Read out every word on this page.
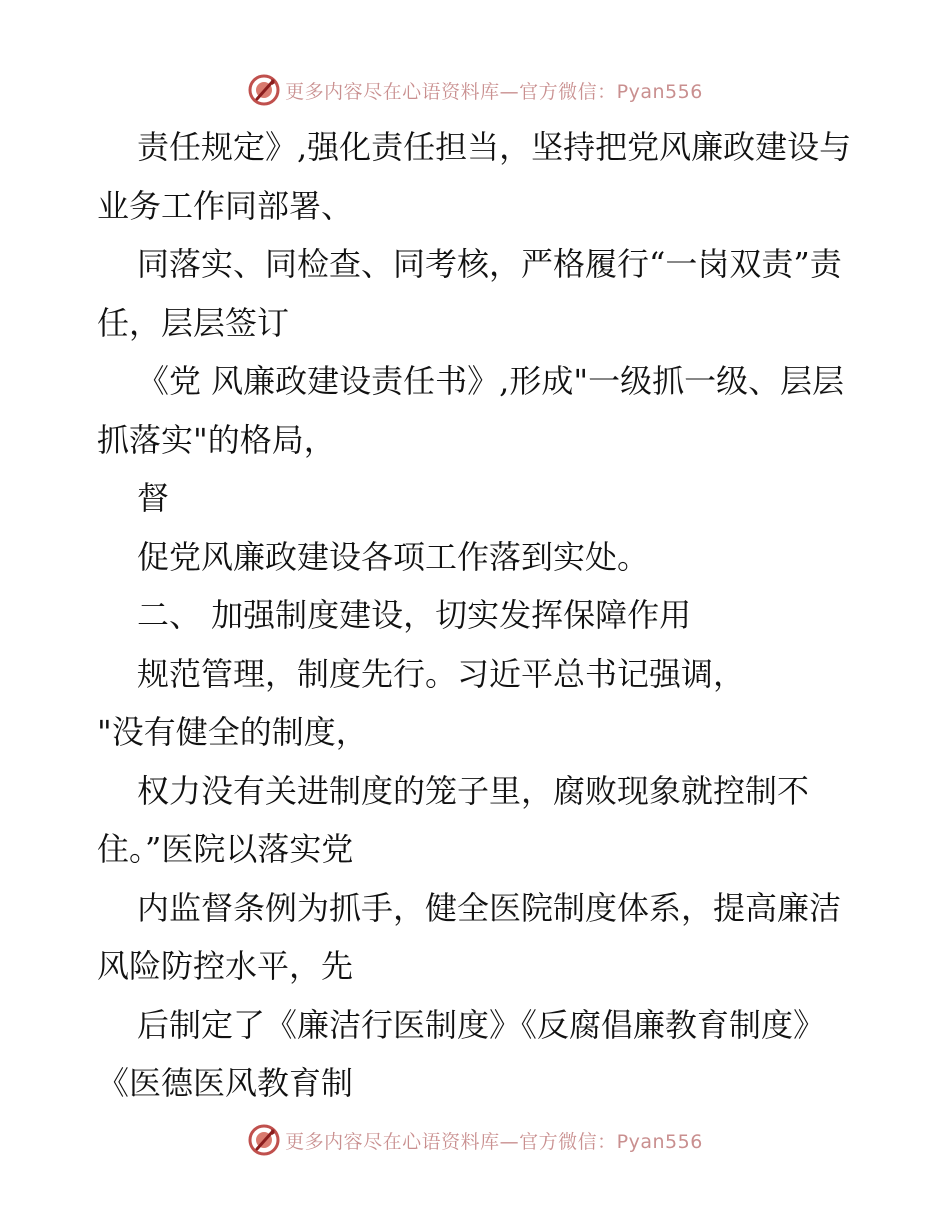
更多内容尽在心语资料库—官方微信：Pyan556

责任规定》,强化责任担当，坚持把党风廉政建设与业务工作同部署、

同落实、同检查、同考核，严格履行“一岗双责”责任，层层签订

《党 风廉政建设责任书》,形成"一级抓一级、层层抓落实"的格局，

督

促党风廉政建设各项工作落到实处。

二、 加强制度建设，切实发挥保障作用

规范管理，制度先行。习近平总书记强调，

"没有健全的制度，

权力没有关进制度的笼子里，腐败现象就控制不住。”医院以落实党

内监督条例为抓手，健全医院制度体系，提高廉洁风险防控水平，先

后制定了《廉洁行医制度》《反腐倡廉教育制度》《医德医风教育制

更多内容尽在心语资料库—官方微信：Pyan556
